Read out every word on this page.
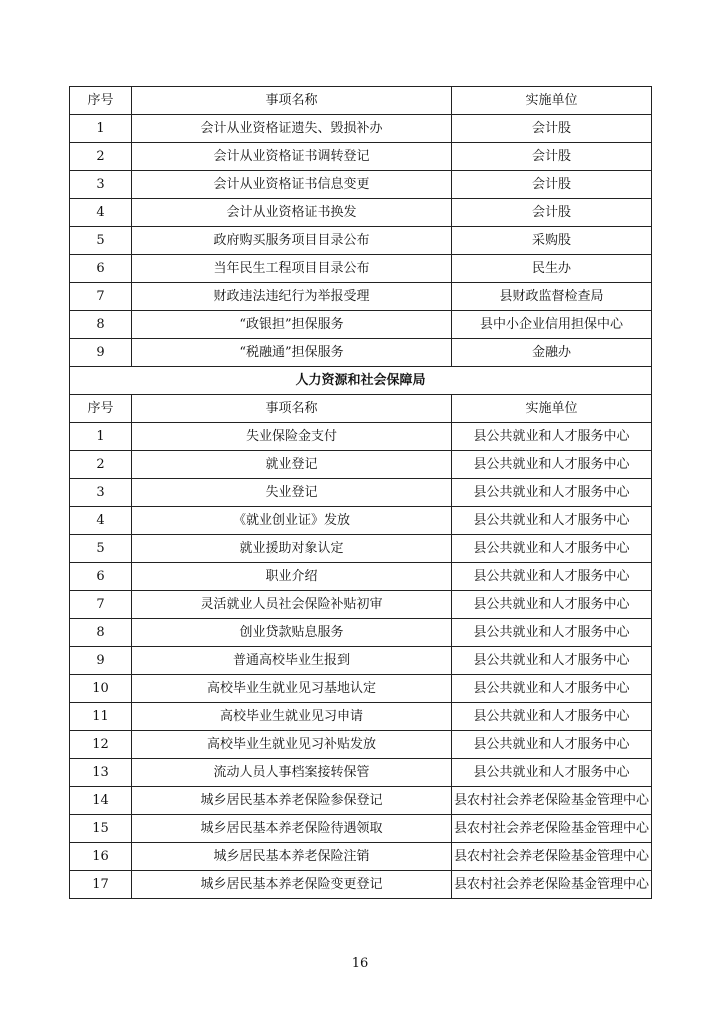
序号	事项名称	实施单位
1	会计从业资格证遗失、毁损补办	会计股
2	会计从业资格证书调转登记	会计股
3	会计从业资格证书信息变更	会计股
4	会计从业资格证书换发	会计股
5	政府购买服务项目目录公布	采购股
6	当年民生工程项目目录公布	民生办
7	财政违法违纪行为举报受理	县财政监督检查局
8	“政银担”担保服务	县中小企业信用担保中心
9	“税融通”担保服务	金融办
人力资源和社会保障局		
序号	事项名称	实施单位
1	失业保险金支付	县公共就业和人才服务中心
2	就业登记	县公共就业和人才服务中心
3	失业登记	县公共就业和人才服务中心
4	《就业创业证》发放	县公共就业和人才服务中心
5	就业援助对象认定	县公共就业和人才服务中心
6	职业介绍	县公共就业和人才服务中心
7	灵活就业人员社会保险补贴初审	县公共就业和人才服务中心
8	创业贷款贴息服务	县公共就业和人才服务中心
9	普通高校毕业生报到	县公共就业和人才服务中心
10	高校毕业生就业见习基地认定	县公共就业和人才服务中心
11	高校毕业生就业见习申请	县公共就业和人才服务中心
12	高校毕业生就业见习补贴发放	县公共就业和人才服务中心
13	流动人员人事档案接转保管	县公共就业和人才服务中心
14	城乡居民基本养老保险参保登记	县农村社会养老保险基金管理中心
15	城乡居民基本养老保险待遇领取	县农村社会养老保险基金管理中心
16	城乡居民基本养老保险注销	县农村社会养老保险基金管理中心
17	城乡居民基本养老保险变更登记	县农村社会养老保险基金管理中心
16
